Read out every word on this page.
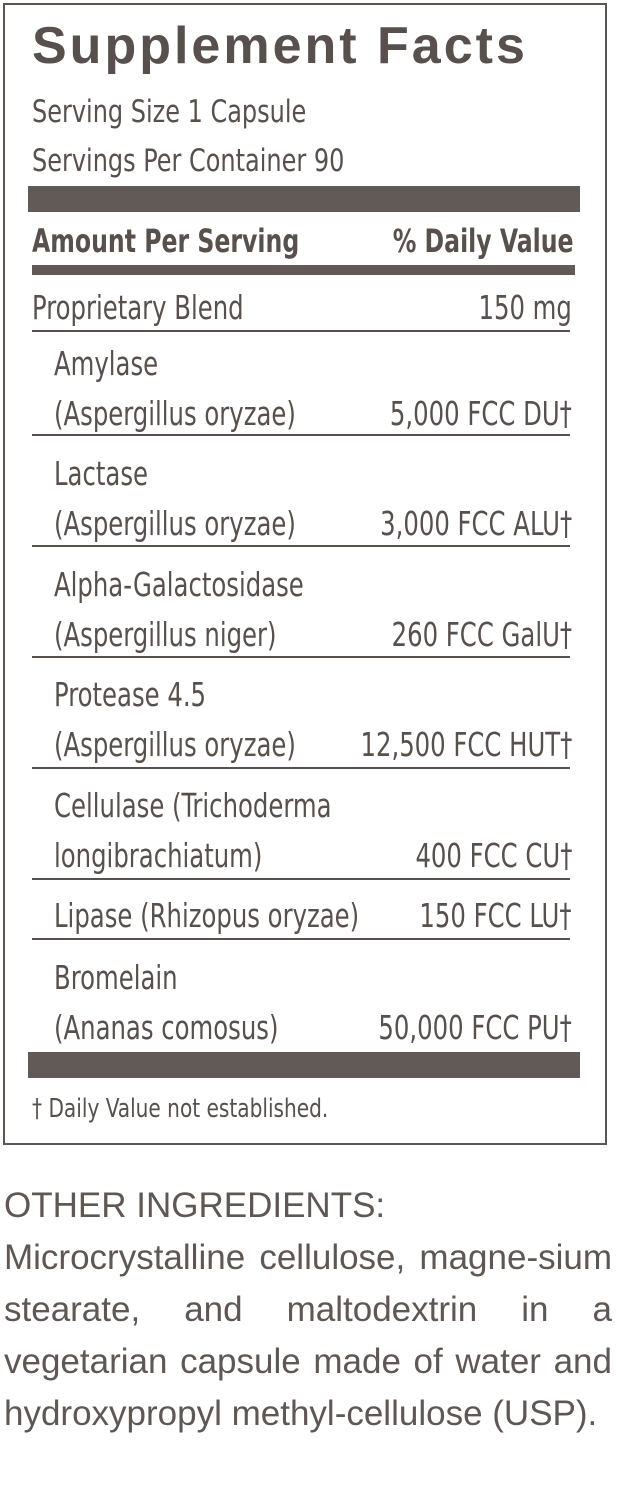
Supplement Facts
Serving Size 1 Capsule
Servings Per Container 90
Amount Per Serving	% Daily Value
Proprietary Blend	150 mg
Amylase
(Aspergillus oryzae)	5,000 FCC DU†
Lactase
(Aspergillus oryzae)	3,000 FCC ALU†
Alpha-Galactosidase
(Aspergillus niger)	260 FCC GalU†
Protease 4.5
(Aspergillus oryzae) 12,500 FCC HUT†
Cellulase (Trichoderma
longibrachiatum)	400 FCC CU†
Lipase (Rhizopus oryzae) 150 FCC LU†
Bromelain
(Ananas comosus)	50,000 FCC PU†
† Daily Value not established.
OTHER INGREDIENTS:
Microcrystalline cellulose, magne-sium stearate, and maltodextrin in a vegetarian capsule made of water and hydroxypropyl methyl-cellulose (USP).
